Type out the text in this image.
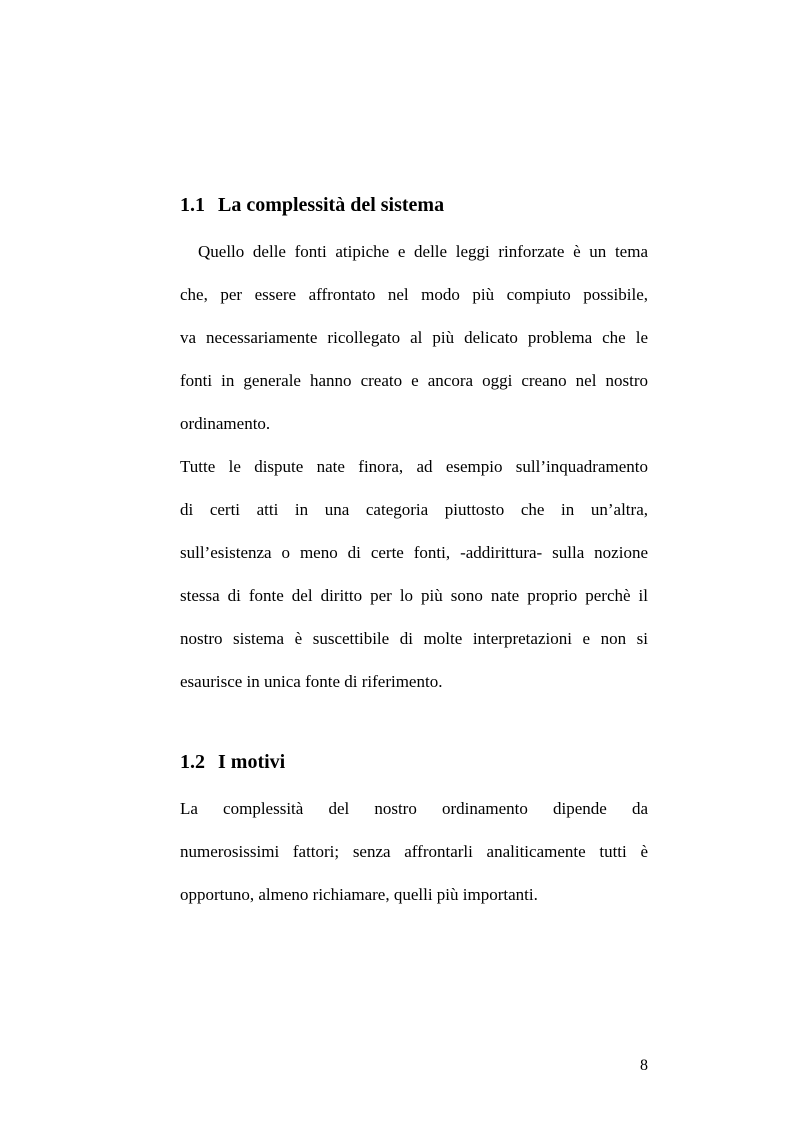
1.1 La complessità del sistema

Quello delle fonti atipiche e delle leggi rinforzate è un tema

che, per essere affrontato nel modo più compiuto possibile,

va necessariamente ricollegato al più delicato problema che le

fonti in generale hanno creato e ancora oggi creano nel nostro

ordinamento.

Tutte le dispute nate finora, ad esempio sull’inquadramento

di certi atti in una categoria piuttosto che in un’altra,

sull’esistenza o meno di certe fonti, -addirittura- sulla nozione

stessa di fonte del diritto per lo più sono nate proprio perchè il

nostro sistema è suscettibile di molte interpretazioni e non si

esaurisce in unica fonte di riferimento.

1.2 I motivi

La complessità del nostro ordinamento dipende da

numerosissimi fattori; senza affrontarli analiticamente tutti è

opportuno, almeno richiamare, quelli più importanti.

8
